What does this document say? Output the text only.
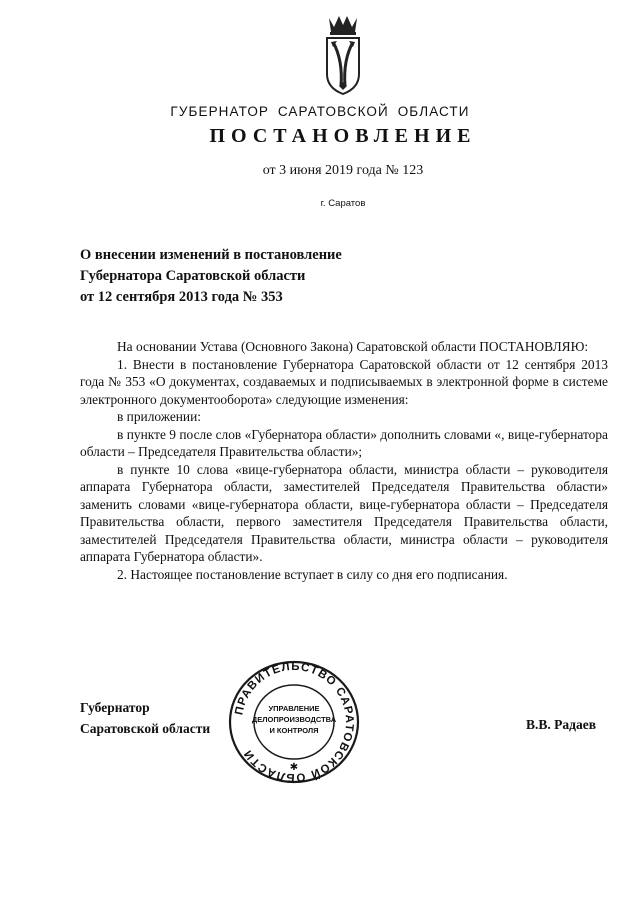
ГУБЕРНАТОР САРАТОВСКОЙ ОБЛАСТИ
ПОСТАНОВЛЕНИЕ
от 3 июня 2019 года № 123
г. Саратов
О внесении изменений в постановление
Губернатора Саратовской области
от 12 сентября 2013 года № 353

На основании Устава (Основного Закона) Саратовской области ПОСТАНОВЛЯЮ:

1. Внести в постановление Губернатора Саратовской области от 12 сентября 2013 года № 353 «О документах, создаваемых и подписываемых в электронной форме в системе электронного документооборота» следующие изменения:

в приложении:

в пункте 9 после слов «Губернатора области» дополнить словами «, вице-губернатора области – Председателя Правительства области»;

в пункте 10 слова «вице-губернатора области, министра области – руководителя аппарата Губернатора области, заместителей Председателя Правительства области» заменить словами «вице-губернатора области, вице-губернатора области – Председателя Правительства области, первого заместителя Председателя Правительства области, заместителей Председателя Правительства области, министра области – руководителя аппарата Губернатора области».

2. Настоящее постановление вступает в силу со дня его подписания.

ПРАВИТЕЛЬСТВО САРАТОВСКОЙ ОБЛАСТИ
УПРАВЛЕНИЕ
ДЕЛОПРОИЗВОДСТВА
И КОНТРОЛЯ
✱
Губернатор
Саратовской области	В.В. Радаев
